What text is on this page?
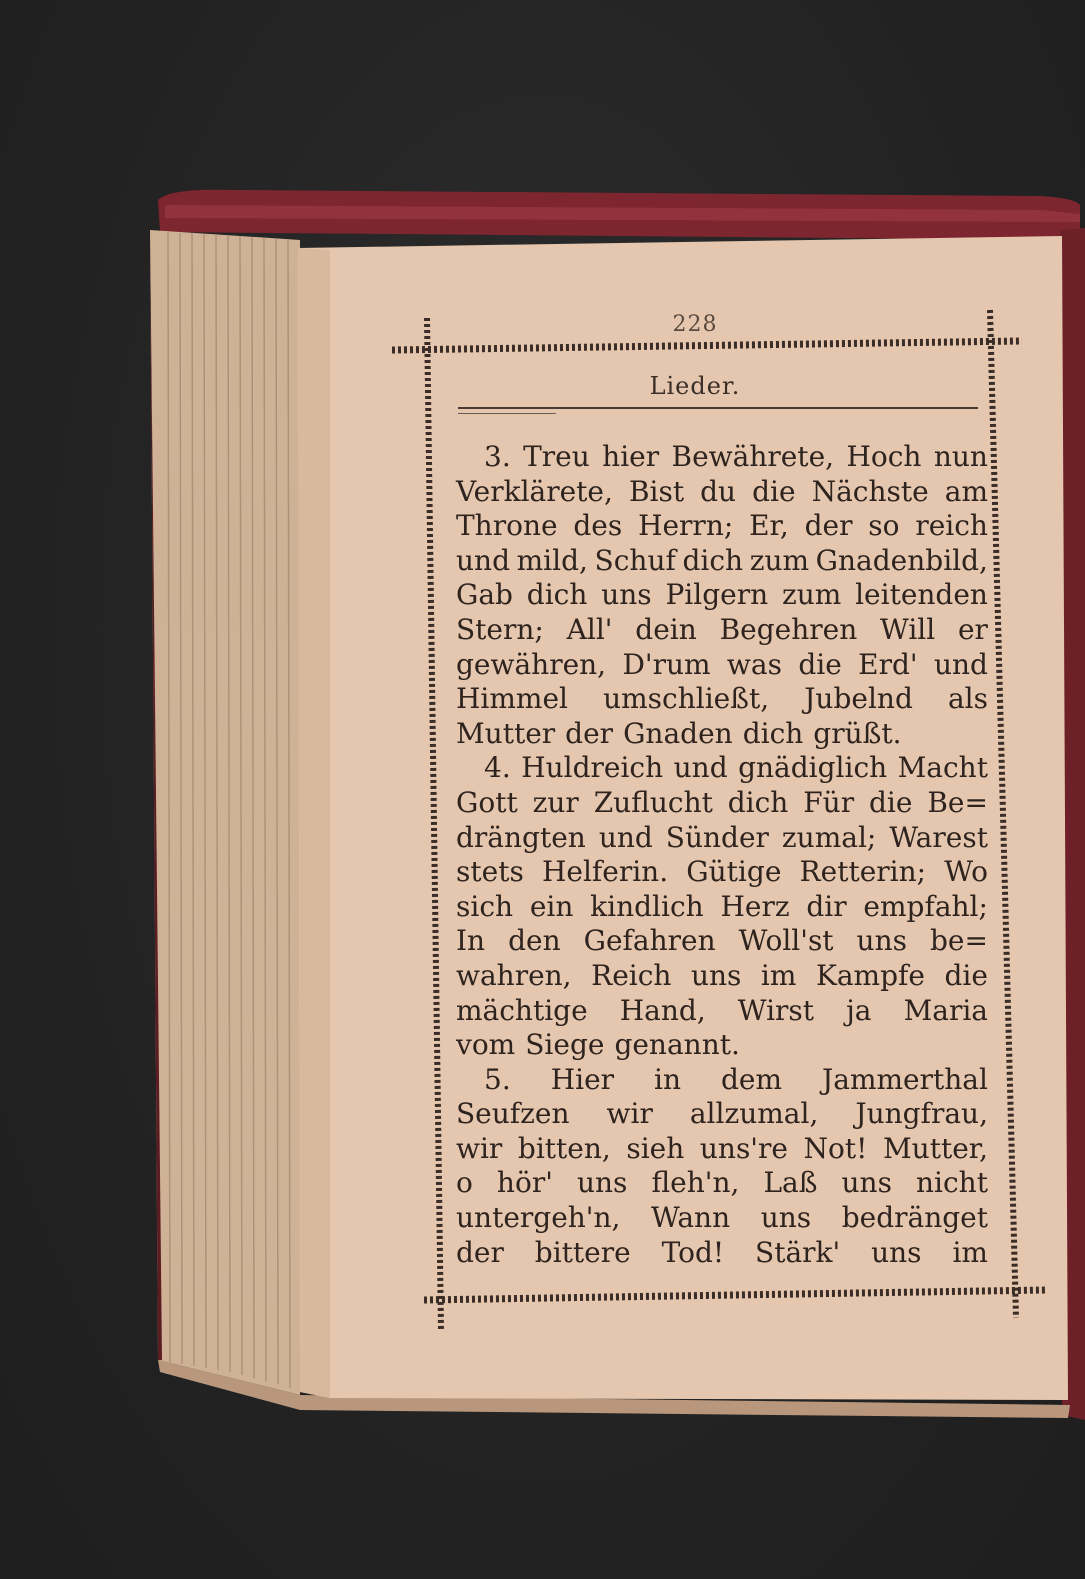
228
Lieder.
3. Treu hier Bewährete, Hoch nun
Verklärete, Bist du die Nächste am
Throne des Herrn; Er, der so reich
und mild, Schuf dich zum Gnadenbild,
Gab dich uns Pilgern zum leitenden
Stern; All' dein Begehren Will er
gewähren, D'rum was die Erd' und
Himmel umschließt, Jubelnd als
Mutter der Gnaden dich grüßt.
4. Huldreich und gnädiglich Macht
Gott zur Zuflucht dich Für die Be=
drängten und Sünder zumal; Warest
stets Helferin. Gütige Retterin; Wo
sich ein kindlich Herz dir empfahl;
In den Gefahren Woll'st uns be=
wahren, Reich uns im Kampfe die
mächtige Hand, Wirst ja Maria
vom Siege genannt.
5. Hier in dem Jammerthal
Seufzen wir allzumal, Jungfrau,
wir bitten, sieh uns're Not! Mutter,
o hör' uns fleh'n, Laß uns nicht
untergeh'n, Wann uns bedränget
der bittere Tod! Stärk' uns im
